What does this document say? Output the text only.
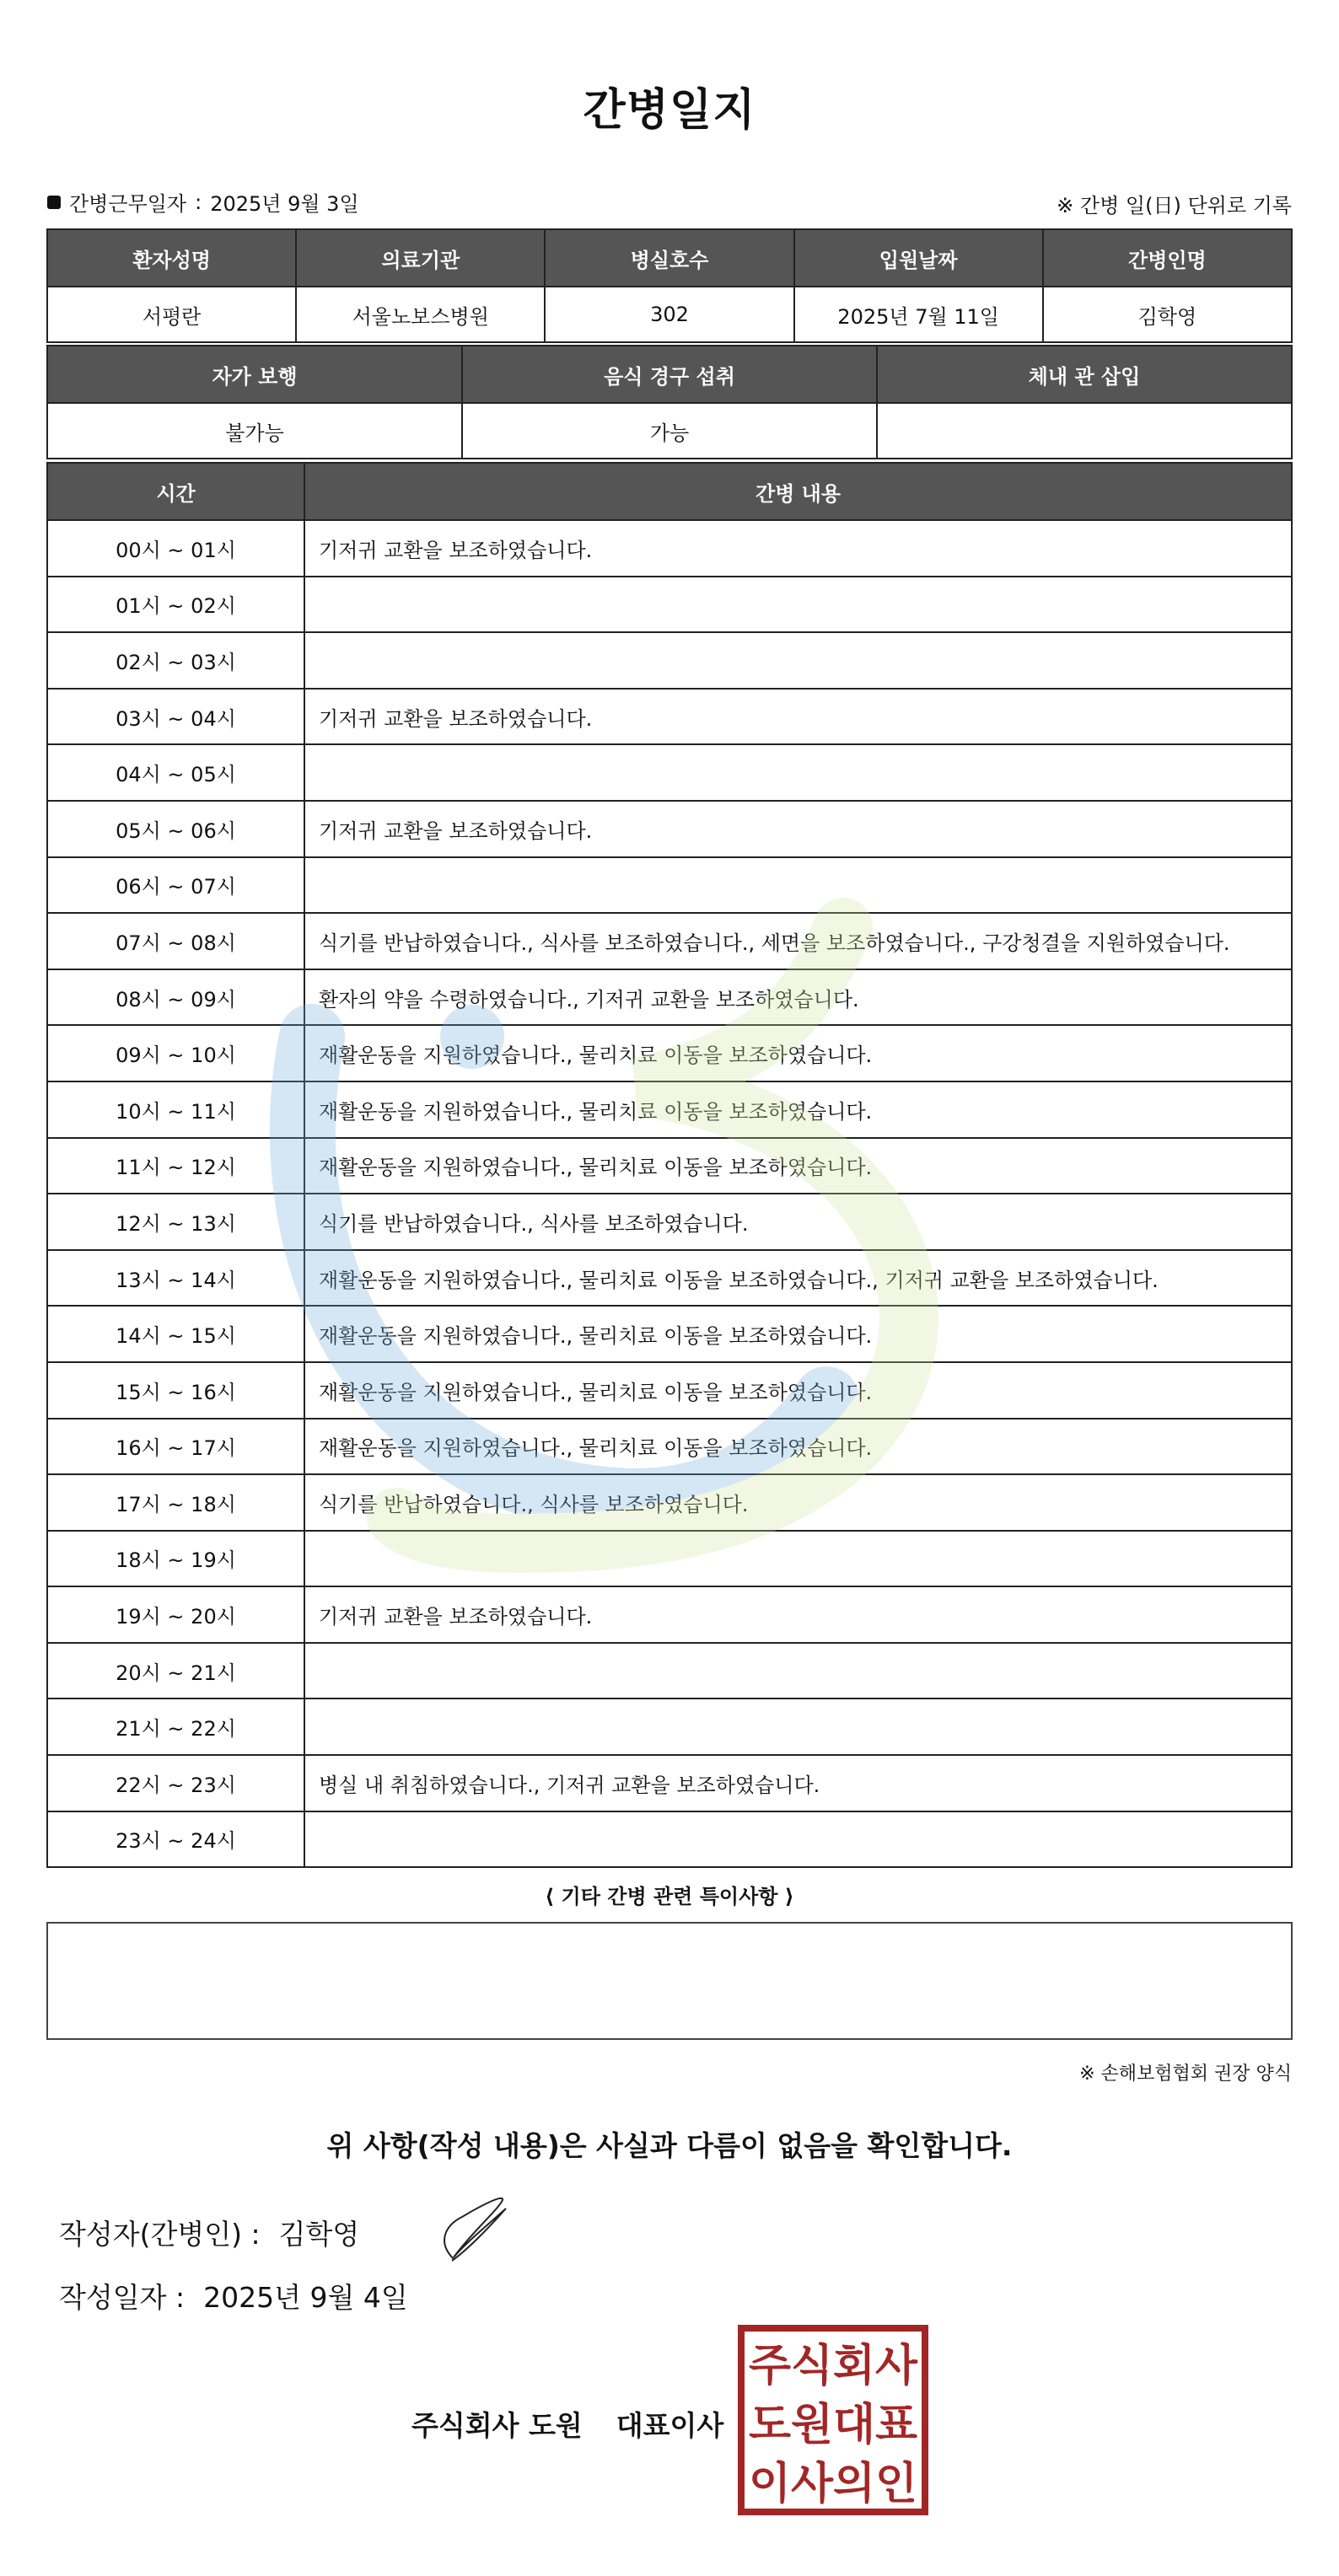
간병일지
간병근무일자 : 2025년 9월 3일	※ 간병 일(日) 단위로 기록
환자성명	의료기관	병실호수	입원날짜	간병인명
서평란	서울노보스병원	302	2025년 7월 11일	김학영
자가 보행	음식 경구 섭취	체내 관 삽입
불가능	가능	
시간	간병 내용
00시 ~ 01시	기저귀 교환을 보조하였습니다.
01시 ~ 02시	
02시 ~ 03시	
03시 ~ 04시	기저귀 교환을 보조하였습니다.
04시 ~ 05시	
05시 ~ 06시	기저귀 교환을 보조하였습니다.
06시 ~ 07시	
07시 ~ 08시	식기를 반납하였습니다., 식사를 보조하였습니다., 세면을 보조하였습니다., 구강청결을 지원하였습니다.
08시 ~ 09시	환자의 약을 수령하였습니다., 기저귀 교환을 보조하였습니다.
09시 ~ 10시	재활운동을 지원하였습니다., 물리치료 이동을 보조하였습니다.
10시 ~ 11시	재활운동을 지원하였습니다., 물리치료 이동을 보조하였습니다.
11시 ~ 12시	재활운동을 지원하였습니다., 물리치료 이동을 보조하였습니다.
12시 ~ 13시	식기를 반납하였습니다., 식사를 보조하였습니다.
13시 ~ 14시	재활운동을 지원하였습니다., 물리치료 이동을 보조하였습니다., 기저귀 교환을 보조하였습니다.
14시 ~ 15시	재활운동을 지원하였습니다., 물리치료 이동을 보조하였습니다.
15시 ~ 16시	재활운동을 지원하였습니다., 물리치료 이동을 보조하였습니다.
16시 ~ 17시	재활운동을 지원하였습니다., 물리치료 이동을 보조하였습니다.
17시 ~ 18시	식기를 반납하였습니다., 식사를 보조하였습니다.
18시 ~ 19시	
19시 ~ 20시	기저귀 교환을 보조하였습니다.
20시 ~ 21시	
21시 ~ 22시	
22시 ~ 23시	병실 내 취침하였습니다., 기저귀 교환을 보조하였습니다.
23시 ~ 24시	
⟨ 기타 간병 관련 특이사항 ⟩
※ 손해보험협회 권장 양식
위 사항(작성 내용)은 사실과 다름이 없음을 확인합니다.
작성자(간병인) : 김학영
작성일자 : 2025년 9월 4일
주식회사 도원 대표이사
주식회사
도원대표
이사의인
